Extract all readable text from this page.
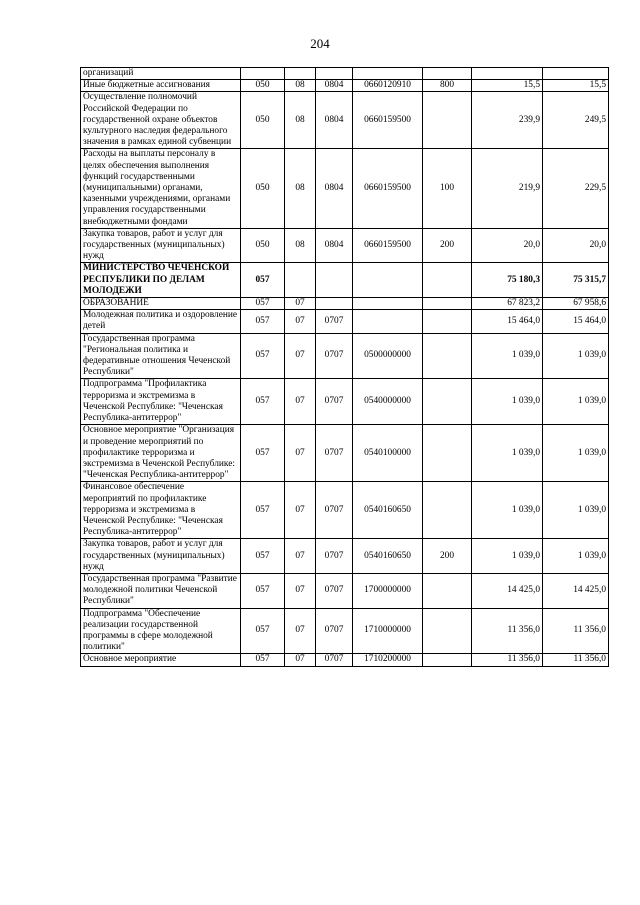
204
организаций							
Иные бюджетные ассигнования	050	08	0804	0660120910	800	15,5	15,5
Осуществление полномочий Российской Федерации по государственной охране объектов культурного наследия федерального значения в рамках единой субвенции	050	08	0804	0660159500		239,9	249,5
Расходы на выплаты персоналу в целях обеспечения выполнения функций государственными (муниципальными) органами, казенными учреждениями, органами управления государственными внебюджетными фондами	050	08	0804	0660159500	100	219,9	229,5
Закупка товаров, работ и услуг для государственных (муниципальных) нужд	050	08	0804	0660159500	200	20,0	20,0
МИНИСТЕРСТВО ЧЕЧЕНСКОЙ РЕСПУБЛИКИ ПО ДЕЛАМ МОЛОДЕЖИ	057					75 180,3	75 315,7
ОБРАЗОВАНИЕ	057	07				67 823,2	67 958,6
Молодежная политика и оздоровление детей	057	07	0707			15 464,0	15 464,0
Государственная программа "Региональная политика и федеративные отношения Чеченской Республики"	057	07	0707	0500000000		1 039,0	1 039,0
Подпрограмма "Профилактика терроризма и экстремизма в Чеченской Республике: "Чеченская Республика-антитеррор"	057	07	0707	0540000000		1 039,0	1 039,0
Основное мероприятие "Организация и проведение мероприятий по профилактике терроризма и экстремизма в Чеченской Республике: "Чеченская Республика-антитеррор"	057	07	0707	0540100000		1 039,0	1 039,0
Финансовое обеспечение мероприятий по профилактике терроризма и экстремизма в Чеченской Республике: "Чеченская Республика-антитеррор"	057	07	0707	0540160650		1 039,0	1 039,0
Закупка товаров, работ и услуг для государственных (муниципальных) нужд	057	07	0707	0540160650	200	1 039,0	1 039,0
Государственная программа "Развитие молодежной политики Чеченской Республики"	057	07	0707	1700000000		14 425,0	14 425,0
Подпрограмма "Обеспечение реализации государственной программы в сфере молодежной политики"	057	07	0707	1710000000		11 356,0	11 356,0
Основное мероприятие	057	07	0707	1710200000		11 356,0	11 356,0
